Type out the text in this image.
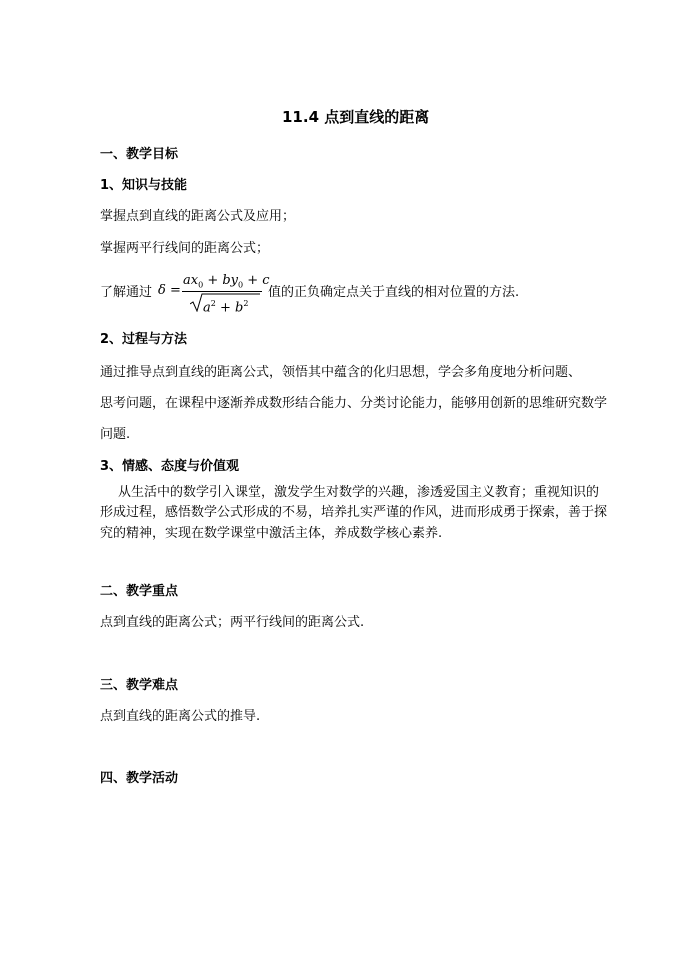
11.4 点到直线的距离
一、教学目标
1、知识与技能
掌握点到直线的距离公式及应用；
掌握两平行线间的距离公式；
了解通过 δ =
$ax_0 + by_0 + c$
$a^2 + b^2$
值的正负确定点关于直线的相对位置的方法.
2、过程与方法
通过推导点到直线的距离公式，领悟其中蕴含的化归思想，学会多角度地分析问题、
思考问题，在课程中逐渐养成数形结合能力、分类讨论能力，能够用创新的思维研究数学
问题.
3、情感、态度与价值观
从生活中的数学引入课堂，激发学生对数学的兴趣，渗透爱国主义教育；重视知识的
形成过程，感悟数学公式形成的不易，培养扎实严谨的作风，进而形成勇于探索，善于探
究的精神，实现在数学课堂中激活主体，养成数学核心素养.
二、教学重点
点到直线的距离公式；两平行线间的距离公式.
三、教学难点
点到直线的距离公式的推导.
四、教学活动
